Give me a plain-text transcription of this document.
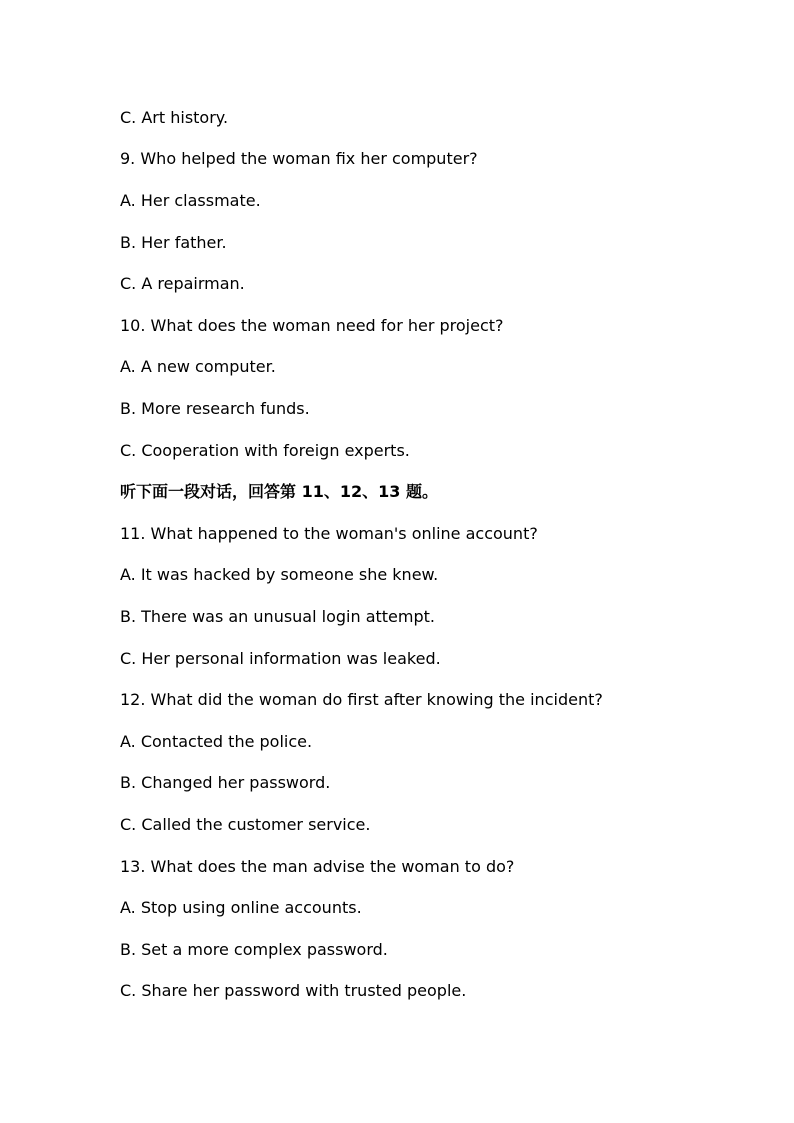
C. Art history.
9. Who helped the woman fix her computer?
A. Her classmate.
B. Her father.
C. A repairman.
10. What does the woman need for her project?
A. A new computer.
B. More research funds.
C. Cooperation with foreign experts.
听下面一段对话，回答第 11、12、13 题。
11. What happened to the woman's online account?
A. It was hacked by someone she knew.
B. There was an unusual login attempt.
C. Her personal information was leaked.
12. What did the woman do first after knowing the incident?
A. Contacted the police.
B. Changed her password.
C. Called the customer service.
13. What does the man advise the woman to do?
A. Stop using online accounts.
B. Set a more complex password.
C. Share her password with trusted people.
